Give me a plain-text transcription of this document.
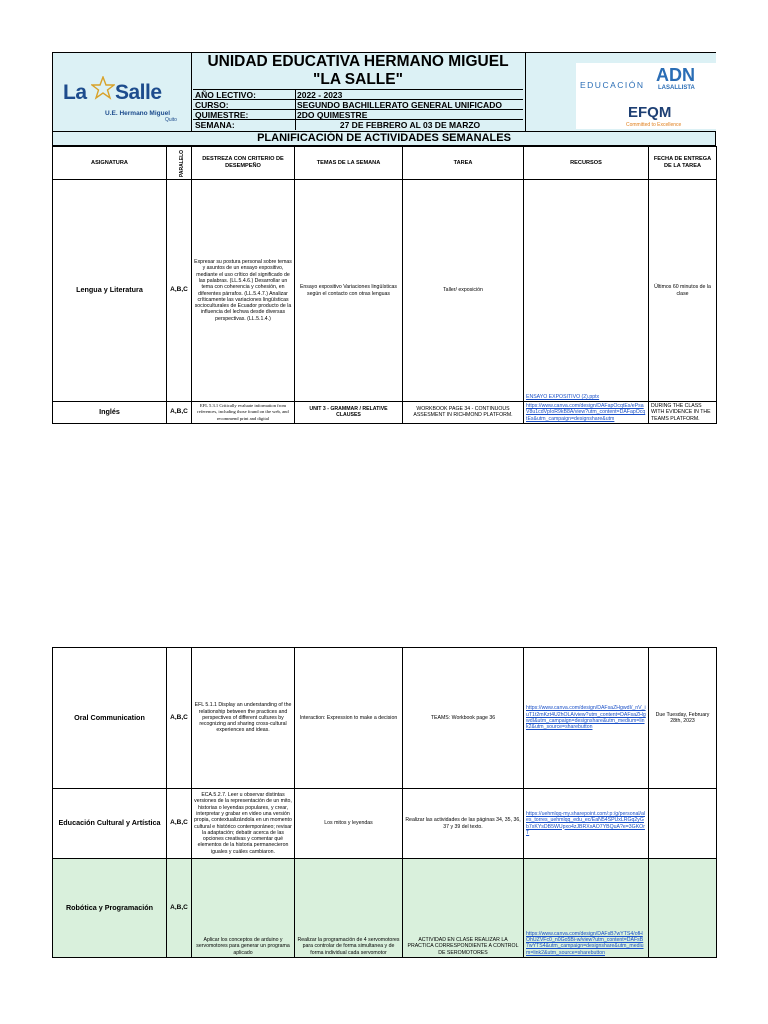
La Salle
U.E. Hermano Miguel
Quito
UNIDAD EDUCATIVA HERMANO MIGUEL "LA SALLE"
AÑO LECTIVO:	2022 - 2023
CURSO:	SEGUNDO BACHILLERATO GENERAL UNIFICADO
QUIMESTRE:	2DO QUIMESTRE
SEMANA:	27 DE FEBRERO AL 03 DE MARZO
EDUCACIÓN ADN
LASALLISTA
EFQM
Committed to Excellence
PLANIFICACIÓN DE ACTIVIDADES SEMANALES
ASIGNATURA	PARALELO	DESTREZA CON CRITERIO DE DESEMPEÑO	TEMAS DE LA SEMANA	TAREA	RECURSOS	FECHA DE ENTREGA DE LA TAREA
Lengua y Literatura	A,B,C	Expresar su postura personal sobre temas y asuntos de un ensayo expositivo, mediante el uso crítico del significado de las palabras. (LL.5.4.6.) Desarrollar un tema con coherencia y cohesión, en diferentes párrafos. (LL.5.4.7.) Analizar críticamente las variaciones lingüísticas socioculturales de Ecuador producto de la influencia del lechwa desde diversas perspectivas. (LL.5.1.4.)	Ensayo expositivo Variaciones lingüísticas según el contacto con otras lenguas	Taller/ exposición	ENSAYO EXPOSITIVO (2).pptx	Últimos 60 minutos de la clase
Inglés	A,B,C	EFL 5.3.1 Critically evaluate information from references, including those found on the web, and recommend print and digital	UNIT 3 - GRAMMAR / RELATIVE CLAUSES	WORKBOOK PAGE 34 - CONTINUOUS ASSESMENT IN RICHMOND PLATFORM.	https://www.canva.com/design/DAFapOcqtEs/ePsaV8u1cdVpIoR9kB8A/view?utm_content=DAFapOcqtEs&utm_campaign=designshare&utm	DURING THE CLASS WITH EVIDENCE IN THE TEAMS PLATFORM.
Oral Communication	A,B,C	EFL 5.1.1 Display an understanding of the relationship between the practices and perspectives of different cultures by recognizing and sharing cross-cultural experiences and ideas.	Interaction: Expression to make a decision	TEAMS: Workbook page 36	https://www.canva.com/design/DAFsaZHgwdI/_nV_iuT1t2mKzt4U2hOLA/view?utm_content=DAFsaZHgwdI&utm_campaign=designshare&utm_medium=link2&utm_source=sharebutton	Due Tuesday, February 28th, 2023
Educación Cultural y Artística	A,B,C	ECA.5.2.7. Leer u observar distintas versiones de la representación de un mito, historias o leyendas populares, y crear, interpretar y grabar en video una versión propia, contextualizándola en un momento cultural e histórico contemporáneo; revisar la adaptación; debatir acerca de las opciones creativas y comentar qué elementos de la historia permanecieron iguales y cuáles cambiaron.	Los mitos y leyendas	Realizar las actividades de las páginas 34, 35, 36, 37 y 39 del texto.	https://uehmlqq-my.sharepoint.com/:p:/g/personal/ales_torres_uehmlqq_edu_ec/EaN54SPUxLRGq2yGb7xKYsDB5WUpxo4zJBRXxAO7YBQuA?e=3GKOrT	
Robótica y Programación	A,B,C	Aplicar los conceptos de arduino y servomotores para generar un programa aplicado	Realizar la programación de 4 servomotores para controlar de forma simultanea y de forma individual cada servomotor	ACTIVIDAD EN CLASE REALIZAR LA PRACTICA CORRESPONDIENTE A CONTROL DE SEROMOTORES	https://www.canva.com/design/DAFsB7wYTS4/ofHOhUZVFc0_n0Go5Bi-w/view?utm_content=DAFsB7wYTS4&utm_campaign=designshare&utm_medium=link2&utm_source=sharebutton	
